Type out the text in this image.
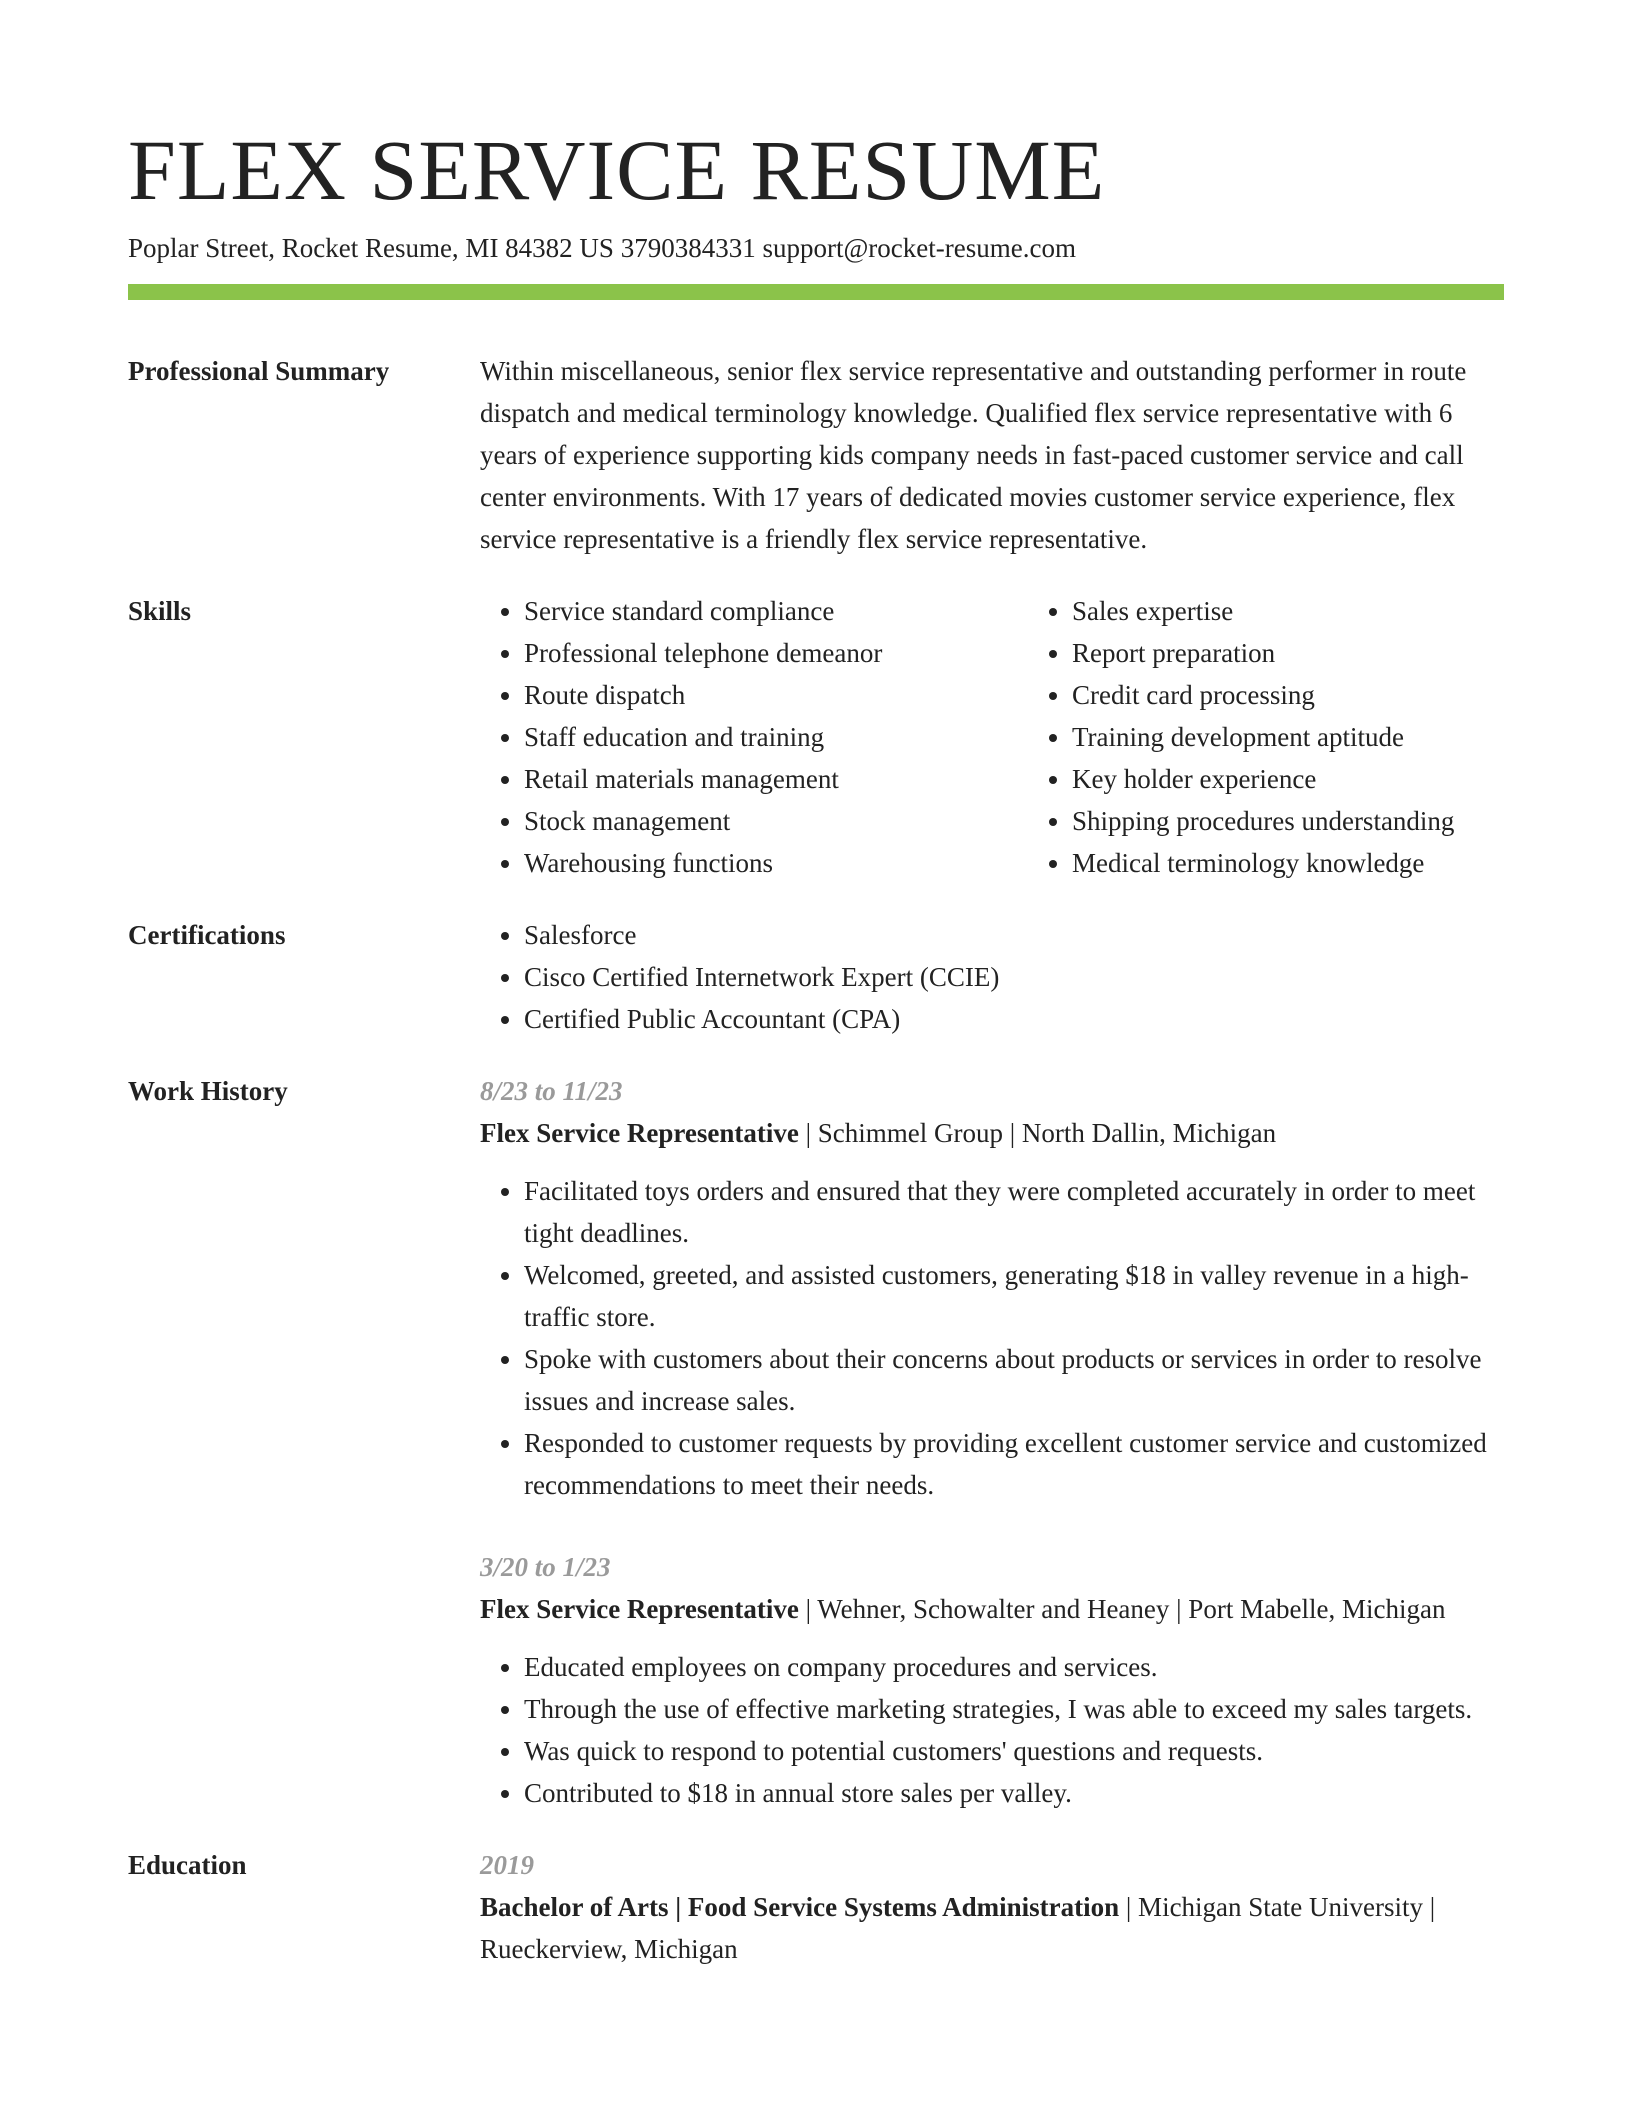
FLEX SERVICE RESUME
Poplar Street, Rocket Resume, MI 84382 US 3790384331 support@rocket-resume.com
Professional Summary	Within miscellaneous, senior flex service representative and outstanding performer in route dispatch and medical terminology knowledge. Qualified flex service representative with 6 years of experience supporting kids company needs in fast-paced customer service and call center environments. With 17 years of dedicated movies customer service experience, flex service representative is a friendly flex service representative.

Skills	• Service standard compliance
• Professional telephone demeanor
• Route dispatch
• Staff education and training
• Retail materials management
• Stock management
• Warehousing functions
• Sales expertise
• Report preparation
• Credit card processing
• Training development aptitude
• Key holder experience
• Shipping procedures understanding
• Medical terminology knowledge
Certifications	• Salesforce
• Cisco Certified Internetwork Expert (CCIE)
• Certified Public Accountant (CPA)
Work History	8/23 to 11/23
Flex Service Representative | Schimmel Group | North Dallin, Michigan
• Facilitated toys orders and ensured that they were completed accurately in order to meet tight deadlines.
• Welcomed, greeted, and assisted customers, generating $18 in valley revenue in a high-traffic store.
• Spoke with customers about their concerns about products or services in order to resolve issues and increase sales.
• Responded to customer requests by providing excellent customer service and customized recommendations to meet their needs.
3/20 to 1/23
Flex Service Representative | Wehner, Schowalter and Heaney | Port Mabelle, Michigan
• Educated employees on company procedures and services.
• Through the use of effective marketing strategies, I was able to exceed my sales targets.
• Was quick to respond to potential customers' questions and requests.
• Contributed to $18 in annual store sales per valley.
Education	2019
Bachelor of Arts | Food Service Systems Administration | Michigan State University | Rueckerview, Michigan
